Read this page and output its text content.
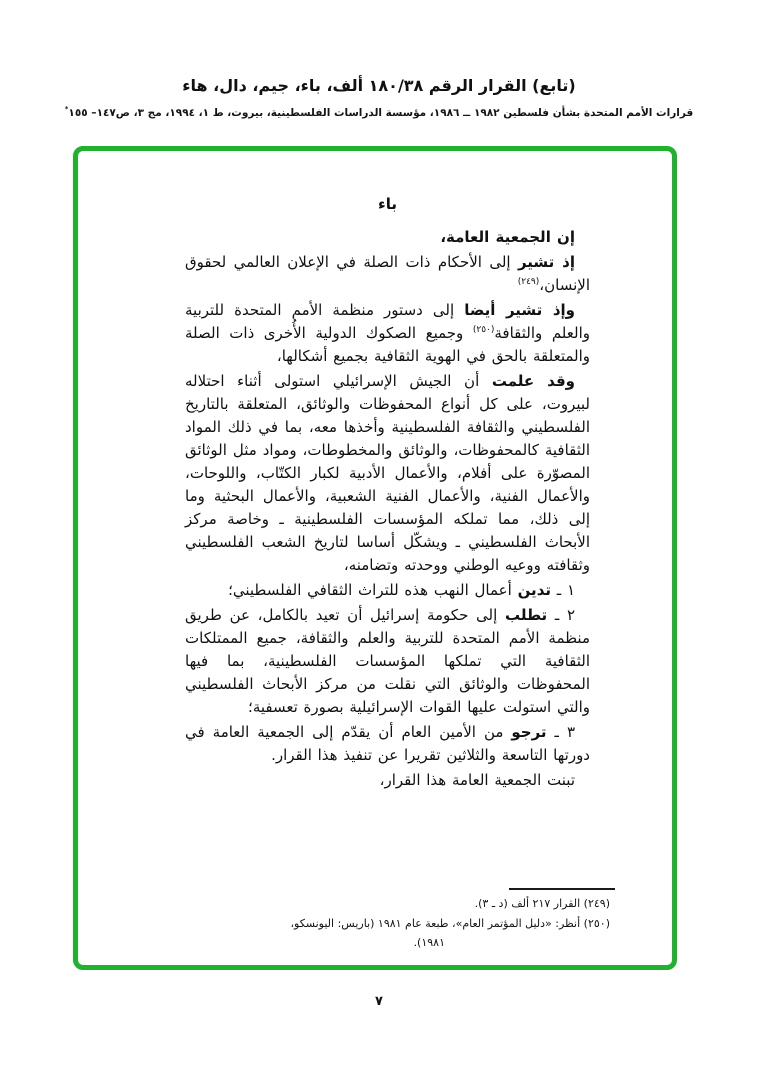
(تابع) القرار الرقم ٣٨‏/‏١٨٠ ألف، باء، جيم، دال، هاء
قرارات الأمم المتحدة بشأن فلسطين ١٩٨٢ ــ ١٩٨٦، مؤسسة الدراسات الفلسطينية، بيروت، ط ١، ١٩٩٤، مج ٣، ص١٤٧– ١٥٥*
باء

إن الجمعية العامة،

إذ تشير إلى الأحكام ذات الصلة في الإعلان العالمي لحقوق الإنسان،$^{(٢٤٩)}$

وإذ تشير أيضا إلى دستور منظمة الأمم المتحدة للتربية والعلم والثقافة$^{(٢٥٠)}$ وجميع الصكوك الدولية الأُخرى ذات الصلة والمتعلقة بالحق في الهوية الثقافية بجميع أشكالها،

وقد علمت أن الجيش الإسرائيلي استولى أثناء احتلاله لبيروت، على كل أنواع المحفوظات والوثائق، المتعلقة بالتاريخ الفلسطيني والثقافة الفلسطينية وأخذها معه، بما في ذلك المواد الثقافية كالمحفوظات، والوثائق والمخطوطات، ومواد مثل الوثائق المصوّرة على أفلام، والأعمال الأدبية لكبار الكتّاب، واللوحات، والأعمال الفنية، والأعمال الفنية الشعبية، والأعمال البحثية وما إلى ذلك، مما تملكه المؤسسات الفلسطينية ـ وخاصة مركز الأبحاث الفلسطيني ـ ويشكّل أساسا لتاريخ الشعب الفلسطيني وثقافته ووعيه الوطني ووحدته وتضامنه،

١ ـ تدين أعمال النهب هذه للتراث الثقافي الفلسطيني؛

٢ ـ تطلب إلى حكومة إسرائيل أن تعيد بالكامل، عن طريق منظمة الأمم المتحدة للتربية والعلم والثقافة، جميع الممتلكات الثقافية التي تملكها المؤسسات الفلسطينية، بما فيها المحفوظات والوثائق التي نقلت من مركز الأبحاث الفلسطيني والتي استولت عليها القوات الإسرائيلية بصورة تعسفية؛

٣ ـ ترجو من الأمين العام أن يقدّم إلى الجمعية العامة في دورتها التاسعة والثلاثين تقريرا عن تنفيذ هذا القرار.

تبنت الجمعية العامة هذا القرار،

(٢٤٩) القرار ٢١٧ ألف (د ـ ٣).
(٢٥٠) أنظر: «دليل المؤتمر العام»، طبعة عام ١٩٨١ (باريس: اليونسكو،
١٩٨١).
٧
